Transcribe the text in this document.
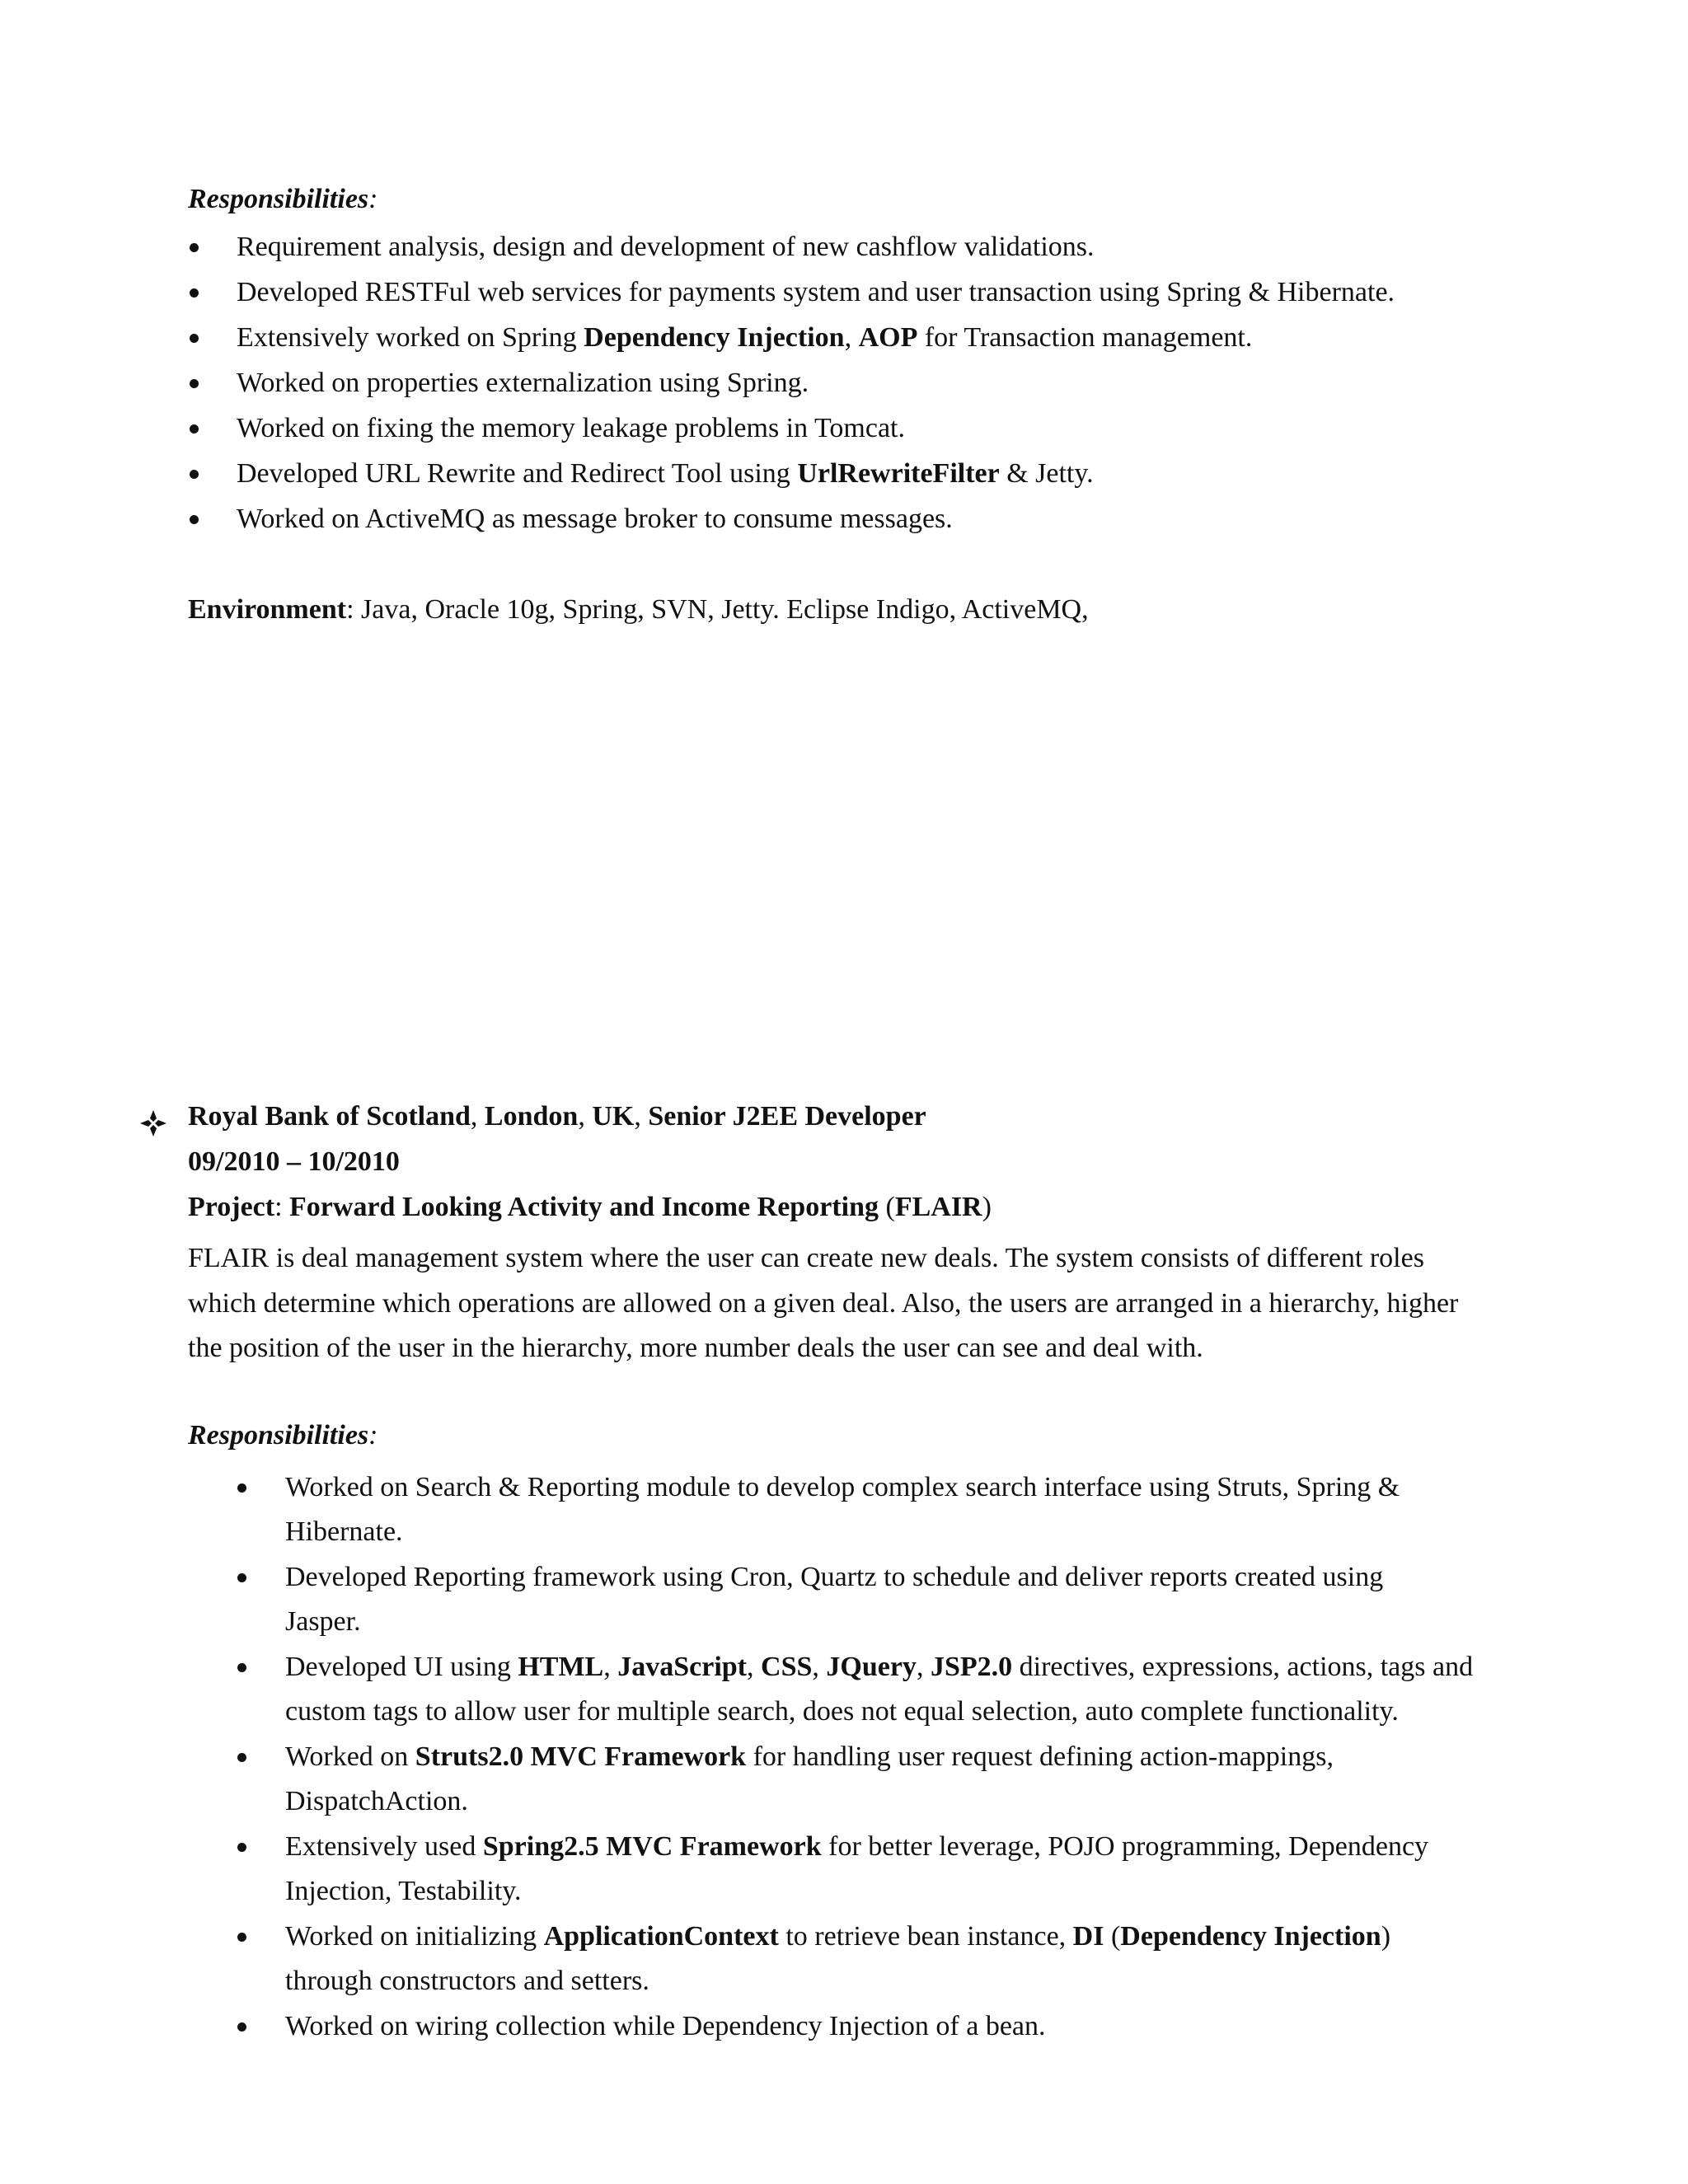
Responsibilities:

Requirement analysis, design and development of new cashflow validations.
Developed RESTFul web services for payments system and user transaction using Spring & Hibernate.
Extensively worked on Spring Dependency Injection, AOP for Transaction management.
Worked on properties externalization using Spring.
Worked on fixing the memory leakage problems in Tomcat.
Developed URL Rewrite and Redirect Tool using UrlRewriteFilter & Jetty.
Worked on ActiveMQ as message broker to consume messages.

Environment: Java, Oracle 10g, Spring, SVN, Jetty. Eclipse Indigo, ActiveMQ,

Royal Bank of Scotland, London, UK, Senior J2EE Developer

09/2010 – 10/2010

Project: Forward Looking Activity and Income Reporting (FLAIR)

FLAIR is deal management system where the user can create new deals. The system consists of different roles
which determine which operations are allowed on a given deal. Also, the users are arranged in a hierarchy, higher
the position of the user in the hierarchy, more number deals the user can see and deal with.

Responsibilities:

Worked on Search & Reporting module to develop complex search interface using Struts, Spring &
Hibernate.
Developed Reporting framework using Cron, Quartz to schedule and deliver reports created using
Jasper.
Developed UI using HTML, JavaScript, CSS, JQuery, JSP2.0 directives, expressions, actions, tags and
custom tags to allow user for multiple search, does not equal selection, auto complete functionality.
Worked on Struts2.0 MVC Framework for handling user request defining action-mappings,
DispatchAction.
Extensively used Spring2.5 MVC Framework for better leverage, POJO programming, Dependency
Injection, Testability.
Worked on initializing ApplicationContext to retrieve bean instance, DI (Dependency Injection)
through constructors and setters.
Worked on wiring collection while Dependency Injection of a bean.
